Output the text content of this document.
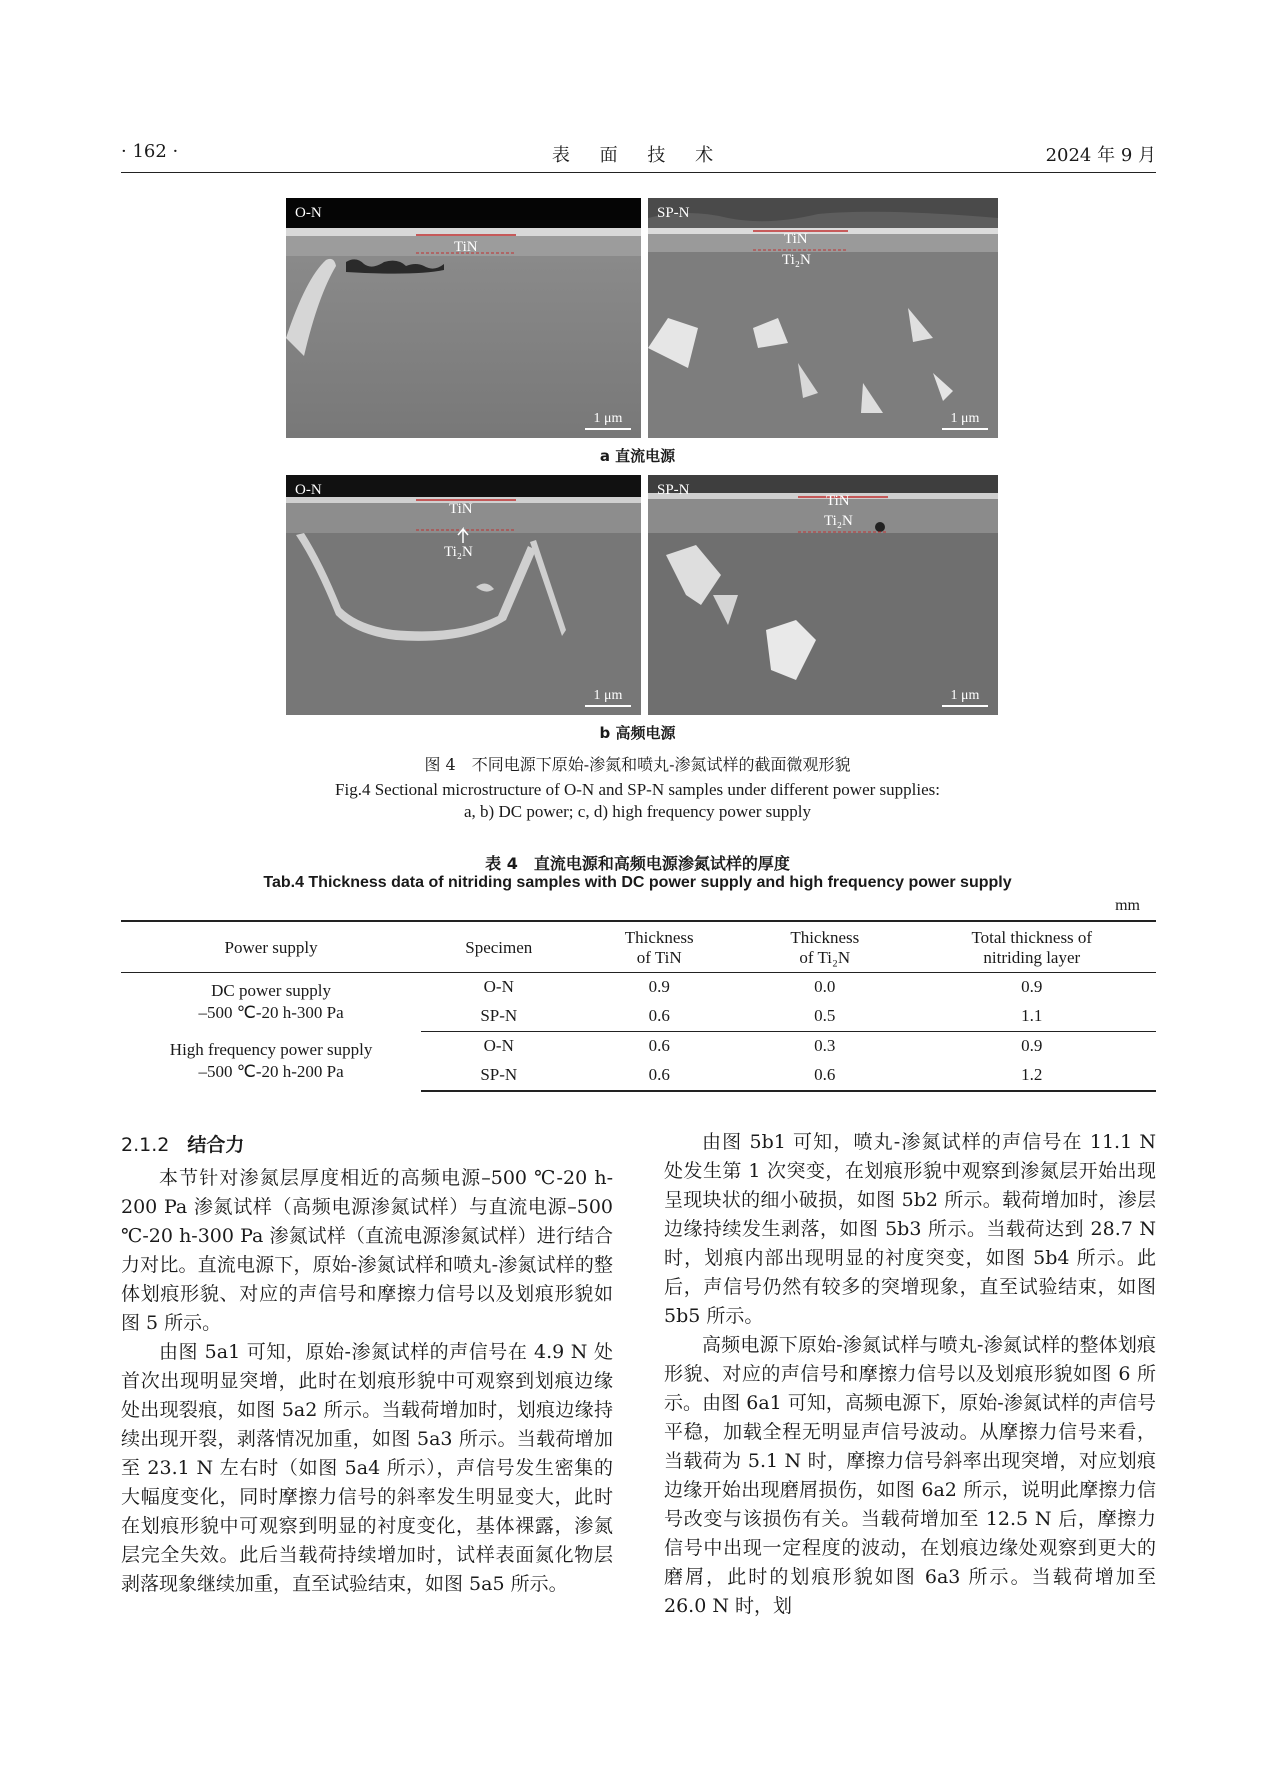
· 162 ·	表 面 技 术	2024 年 9 月
O-N
TiN
1 μm
SP-N
TiN
Ti₂N
1 μm
a 直流电源
O-N
TiN
Ti₂N
1 μm
SP-N
TiN
Ti₂N
1 μm
b 高频电源
图 4　不同电源下原始-渗氮和喷丸-渗氮试样的截面微观形貌
Fig.4 Sectional microstructure of O-N and SP-N samples under different power supplies:
a, b) DC power; c, d) high frequency power supply
表 4　直流电源和高频电源渗氮试样的厚度
Tab.4 Thickness data of nitriding samples with DC power supply and high frequency power supply
mm
Power supply	Specimen	Thickness
of TiN	Thickness
of Ti₂N	Total thickness of
nitriding layer
DC power supply
–500 ℃-20 h-300 Pa	O-N	0.9	0.0	0.9
	SP-N	0.6	0.5	1.1
High frequency power supply
–500 ℃-20 h-200 Pa	O-N	0.6	0.3	0.9
	SP-N	0.6	0.6	1.2
2.1.2 结合力

本节针对渗氮层厚度相近的高频电源–500 ℃-20 h-200 Pa 渗氮试样（高频电源渗氮试样）与直流电源–500 ℃-20 h-300 Pa 渗氮试样（直流电源渗氮试样）进行结合力对比。直流电源下，原始-渗氮试样和喷丸-渗氮试样的整体划痕形貌、对应的声信号和摩擦力信号以及划痕形貌如图 5 所示。

由图 5a1 可知，原始-渗氮试样的声信号在 4.9 N 处首次出现明显突增，此时在划痕形貌中可观察到划痕边缘处出现裂痕，如图 5a2 所示。当载荷增加时，划痕边缘持续出现开裂，剥落情况加重，如图 5a3 所示。当载荷增加至 23.1 N 左右时（如图 5a4 所示），声信号发生密集的大幅度变化，同时摩擦力信号的斜率发生明显变大，此时在划痕形貌中可观察到明显的衬度变化，基体裸露，渗氮层完全失效。此后当载荷持续增加时，试样表面氮化物层剥落现象继续加重，直至试验结束，如图 5a5 所示。

由图 5b1 可知，喷丸-渗氮试样的声信号在 11.1 N 处发生第 1 次突变，在划痕形貌中观察到渗氮层开始出现呈现块状的细小破损，如图 5b2 所示。载荷增加时，渗层边缘持续发生剥落，如图 5b3 所示。当载荷达到 28.7 N 时，划痕内部出现明显的衬度突变，如图 5b4 所示。此后，声信号仍然有较多的突增现象，直至试验结束，如图 5b5 所示。

高频电源下原始-渗氮试样与喷丸-渗氮试样的整体划痕形貌、对应的声信号和摩擦力信号以及划痕形貌如图 6 所示。由图 6a1 可知，高频电源下，原始-渗氮试样的声信号平稳，加载全程无明显声信号波动。从摩擦力信号来看，当载荷为 5.1 N 时，摩擦力信号斜率出现突增，对应划痕边缘开始出现磨屑损伤，如图 6a2 所示，说明此摩擦力信号改变与该损伤有关。当载荷增加至 12.5 N 后，摩擦力信号中出现一定程度的波动，在划痕边缘处观察到更大的磨屑，此时的划痕形貌如图 6a3 所示。当载荷增加至 26.0 N 时，划
